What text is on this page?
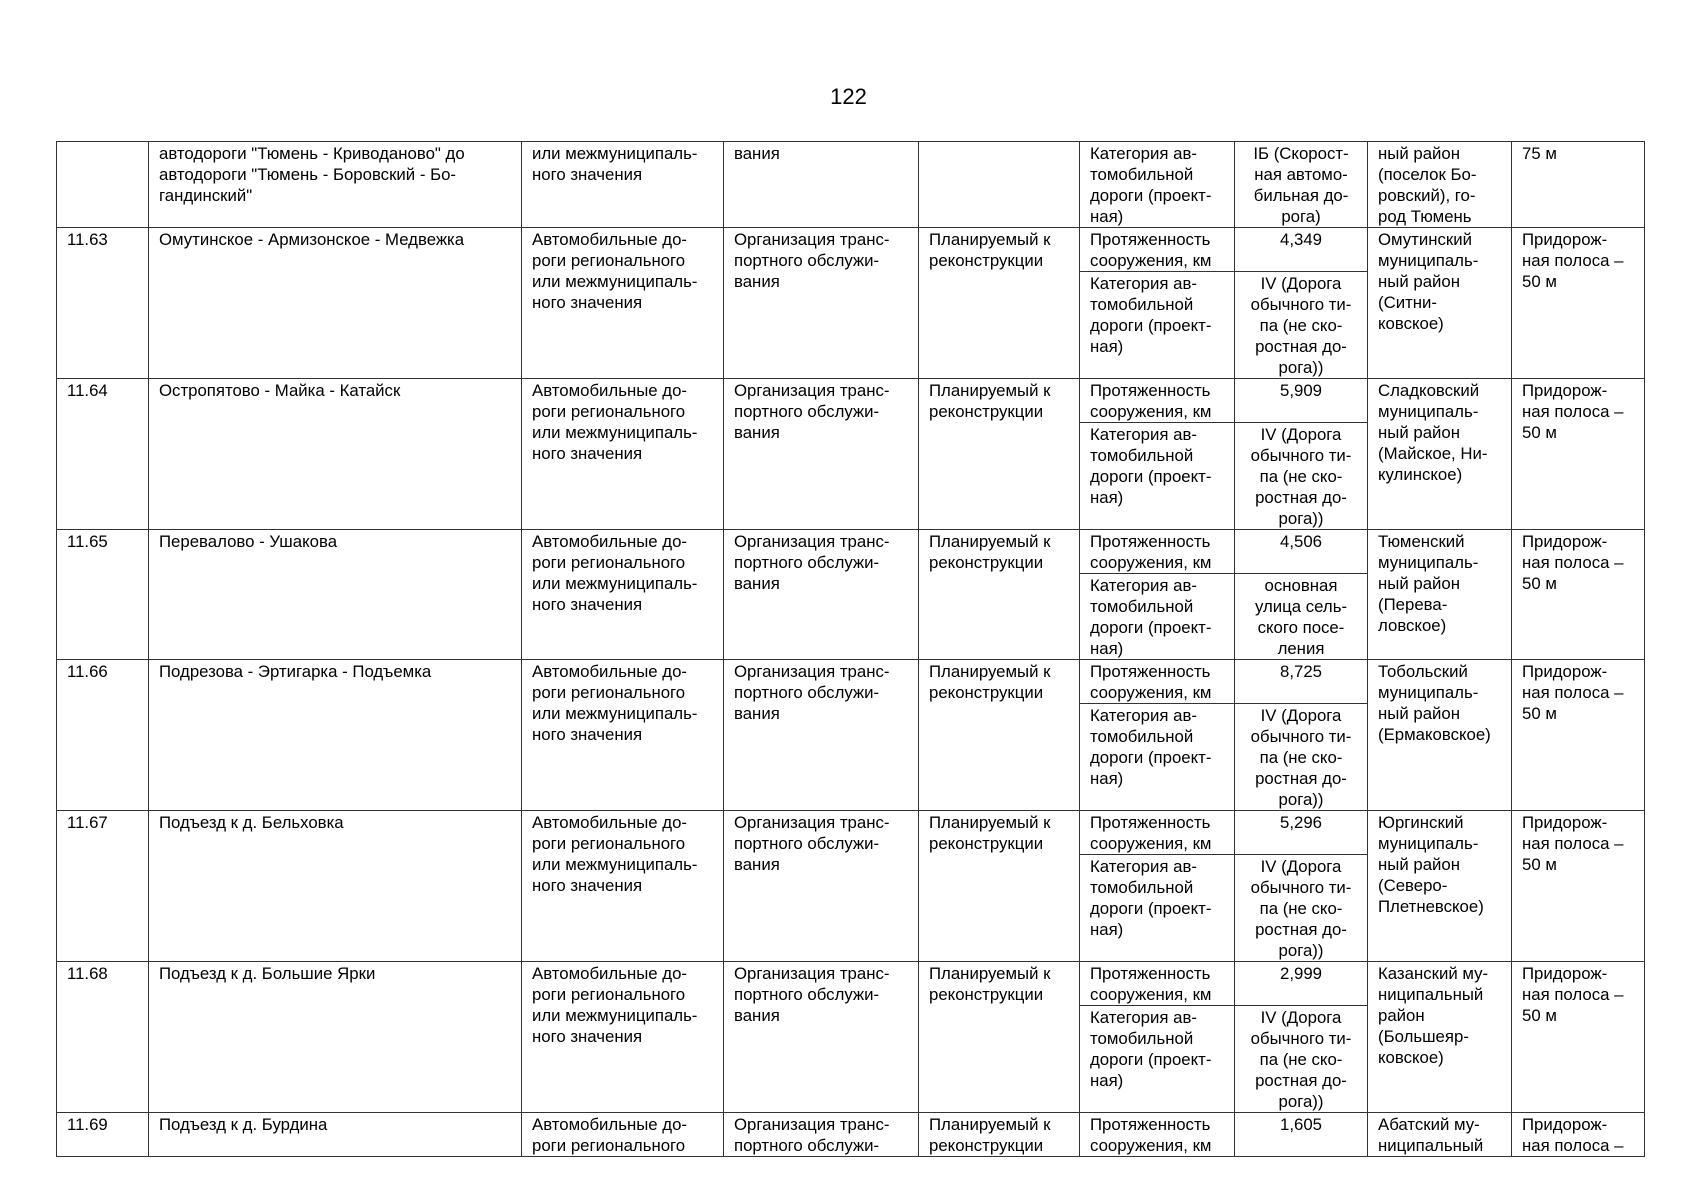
122
	автодороги "Тюмень - Криводаново" до
автодороги "Тюмень - Боровский - Бо-
гандинский"	или межмуниципаль-
ного значения	вания		Категория ав-
томобильной
дороги (проект-
ная)	IБ (Скорост-
ная автомо-
бильная до-
рога)	ный район
(поселок Бо-
ровский), го-
род Тюмень	75 м
11.63	Омутинское - Армизонское - Медвежка	Автомобильные до-
роги регионального
или межмуниципаль-
ного значения	Организация транс-
портного обслужи-
вания	Планируемый к
реконструкции	Протяженность
сооружения, км	4,349	Омутинский
муниципаль-
ный район
(Ситни-
ковское)	Придорож-
ная полоса –
50 м
					Категория ав-
томобильной
дороги (проект-
ная)	IV (Дорога
обычного ти-
па (не ско-
ростная до-
рога))		
11.64	Остропятово - Майка - Катайск	Автомобильные до-
роги регионального
или межмуниципаль-
ного значения	Организация транс-
портного обслужи-
вания	Планируемый к
реконструкции	Протяженность
сооружения, км	5,909	Сладковский
муниципаль-
ный район
(Майское, Ни-
кулинское)	Придорож-
ная полоса –
50 м
					Категория ав-
томобильной
дороги (проект-
ная)	IV (Дорога
обычного ти-
па (не ско-
ростная до-
рога))		
11.65	Перевалово - Ушакова	Автомобильные до-
роги регионального
или межмуниципаль-
ного значения	Организация транс-
портного обслужи-
вания	Планируемый к
реконструкции	Протяженность
сооружения, км	4,506	Тюменский
муниципаль-
ный район
(Перева-
ловское)	Придорож-
ная полоса –
50 м
					Категория ав-
томобильной
дороги (проект-
ная)	основная
улица сель-
ского посе-
ления		
11.66	Подрезова - Эртигарка - Подъемка	Автомобильные до-
роги регионального
или межмуниципаль-
ного значения	Организация транс-
портного обслужи-
вания	Планируемый к
реконструкции	Протяженность
сооружения, км	8,725	Тобольский
муниципаль-
ный район
(Ермаковское)	Придорож-
ная полоса –
50 м
					Категория ав-
томобильной
дороги (проект-
ная)	IV (Дорога
обычного ти-
па (не ско-
ростная до-
рога))		
11.67	Подъезд к д. Бельховка	Автомобильные до-
роги регионального
или межмуниципаль-
ного значения	Организация транс-
портного обслужи-
вания	Планируемый к
реконструкции	Протяженность
сооружения, км	5,296	Юргинский
муниципаль-
ный район
(Северо-
Плетневское)	Придорож-
ная полоса –
50 м
					Категория ав-
томобильной
дороги (проект-
ная)	IV (Дорога
обычного ти-
па (не ско-
ростная до-
рога))		
11.68	Подъезд к д. Большие Ярки	Автомобильные до-
роги регионального
или межмуниципаль-
ного значения	Организация транс-
портного обслужи-
вания	Планируемый к
реконструкции	Протяженность
сооружения, км	2,999	Казанский му-
ниципальный
район
(Большеяр-
ковское)	Придорож-
ная полоса –
50 м
					Категория ав-
томобильной
дороги (проект-
ная)	IV (Дорога
обычного ти-
па (не ско-
ростная до-
рога))		
11.69	Подъезд к д. Бурдина	Автомобильные до-
роги регионального	Организация транс-
портного обслужи-	Планируемый к
реконструкции	Протяженность
сооружения, км	1,605	Абатский му-
ниципальный	Придорож-
ная полоса –
